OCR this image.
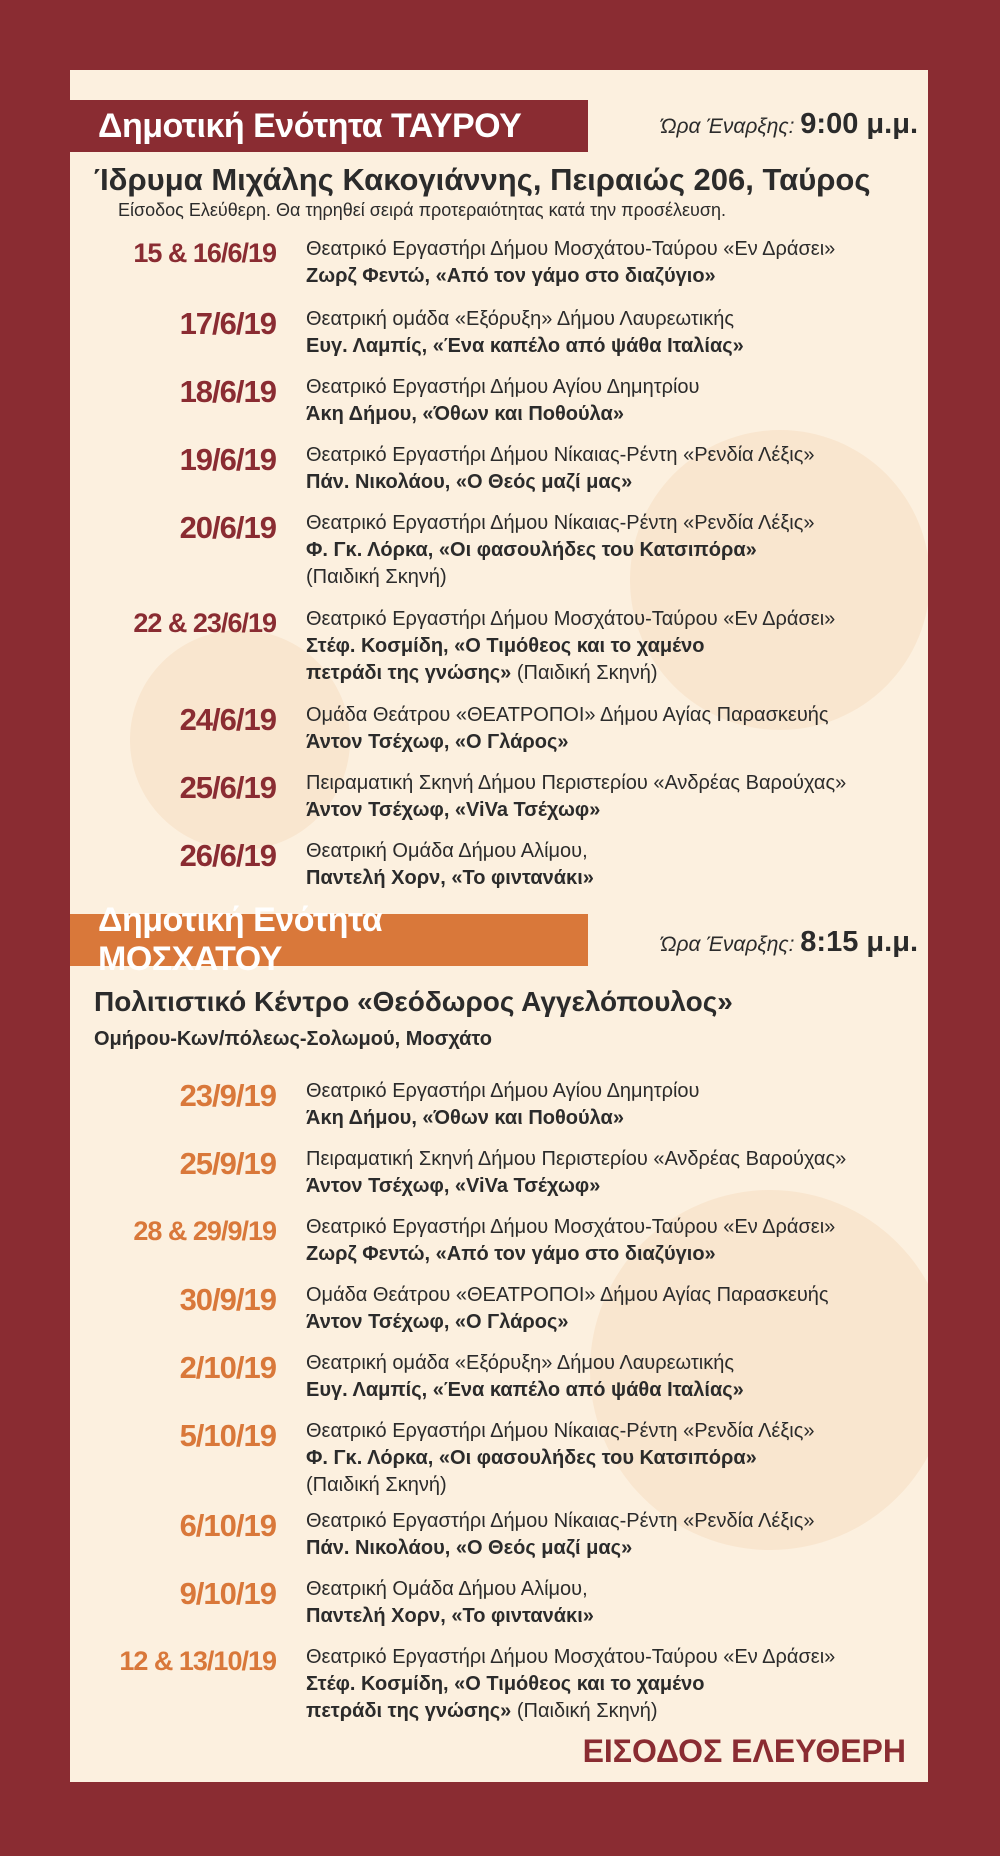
Δημοτική Ενότητα ΤΑΥΡΟΥ	Ώρα Έναρξης: 9:00 μ.μ.
Ίδρυμα Μιχάλης Κακογιάννης, Πειραιώς 206, Ταύρος
Είσοδος Ελεύθερη. Θα τηρηθεί σειρά προτεραιότητας κατά την προσέλευση.
15 & 16/6/19 Θεατρικό Εργαστήρι Δήμου Μοσχάτου-Ταύρου «Εν Δράσει»
Ζωρζ Φεντώ, «Από τον γάμο στο διαζύγιο»
17/6/19 Θεατρική ομάδα «Εξόρυξη» Δήμου Λαυρεωτικής
Ευγ. Λαμπίς, «Ένα καπέλο από ψάθα Ιταλίας»
18/6/19 Θεατρικό Εργαστήρι Δήμου Αγίου Δημητρίου
Άκη Δήμου, «Όθων και Ποθούλα»
19/6/19 Θεατρικό Εργαστήρι Δήμου Νίκαιας-Ρέντη «Ρενδία Λέξις»
Πάν. Νικολάου, «Ο Θεός μαζί μας»
20/6/19 Θεατρικό Εργαστήρι Δήμου Νίκαιας-Ρέντη «Ρενδία Λέξις»
Φ. Γκ. Λόρκα, «Οι φασουλήδες του Κατσιπόρα»
(Παιδική Σκηνή)
22 & 23/6/19 Θεατρικό Εργαστήρι Δήμου Μοσχάτου-Ταύρου «Εν Δράσει»
Στέφ. Κοσμίδη, «Ο Τιμόθεος και το χαμένο
πετράδι της γνώσης» (Παιδική Σκηνή)
24/6/19 Ομάδα Θεάτρου «ΘΕΑΤΡΟΠΟΙ» Δήμου Αγίας Παρασκευής
Άντον Τσέχωφ, «Ο Γλάρος»
25/6/19 Πειραματική Σκηνή Δήμου Περιστερίου «Ανδρέας Βαρούχας»
Άντον Τσέχωφ, «ViVa Τσέχωφ»
26/6/19 Θεατρική Ομάδα Δήμου Αλίμου,
Παντελή Χορν, «Το φιντανάκι»
Δημοτική Ενότητα ΜΟΣΧΑΤΟΥ	Ώρα Έναρξης: 8:15 μ.μ.
Πολιτιστικό Κέντρο «Θεόδωρος Αγγελόπουλος»
Ομήρου-Κων/πόλεως-Σολωμού, Μοσχάτο
23/9/19 Θεατρικό Εργαστήρι Δήμου Αγίου Δημητρίου
Άκη Δήμου, «Όθων και Ποθούλα»
25/9/19 Πειραματική Σκηνή Δήμου Περιστερίου «Ανδρέας Βαρούχας»
Άντον Τσέχωφ, «ViVa Τσέχωφ»
28 & 29/9/19 Θεατρικό Εργαστήρι Δήμου Μοσχάτου-Ταύρου «Εν Δράσει»
Ζωρζ Φεντώ, «Από τον γάμο στο διαζύγιο»
30/9/19 Ομάδα Θεάτρου «ΘΕΑΤΡΟΠΟΙ» Δήμου Αγίας Παρασκευής
Άντον Τσέχωφ, «Ο Γλάρος»
2/10/19 Θεατρική ομάδα «Εξόρυξη» Δήμου Λαυρεωτικής
Ευγ. Λαμπίς, «Ένα καπέλο από ψάθα Ιταλίας»
5/10/19 Θεατρικό Εργαστήρι Δήμου Νίκαιας-Ρέντη «Ρενδία Λέξις»
Φ. Γκ. Λόρκα, «Οι φασουλήδες του Κατσιπόρα»
(Παιδική Σκηνή)
6/10/19 Θεατρικό Εργαστήρι Δήμου Νίκαιας-Ρέντη «Ρενδία Λέξις»
Πάν. Νικολάου, «Ο Θεός μαζί μας»
9/10/19 Θεατρική Ομάδα Δήμου Αλίμου,
Παντελή Χορν, «Το φιντανάκι»
12 & 13/10/19 Θεατρικό Εργαστήρι Δήμου Μοσχάτου-Ταύρου «Εν Δράσει»
Στέφ. Κοσμίδη, «Ο Τιμόθεος και το χαμένο
πετράδι της γνώσης» (Παιδική Σκηνή)
ΕΙΣΟΔΟΣ ΕΛΕΥΘΕΡΗ
